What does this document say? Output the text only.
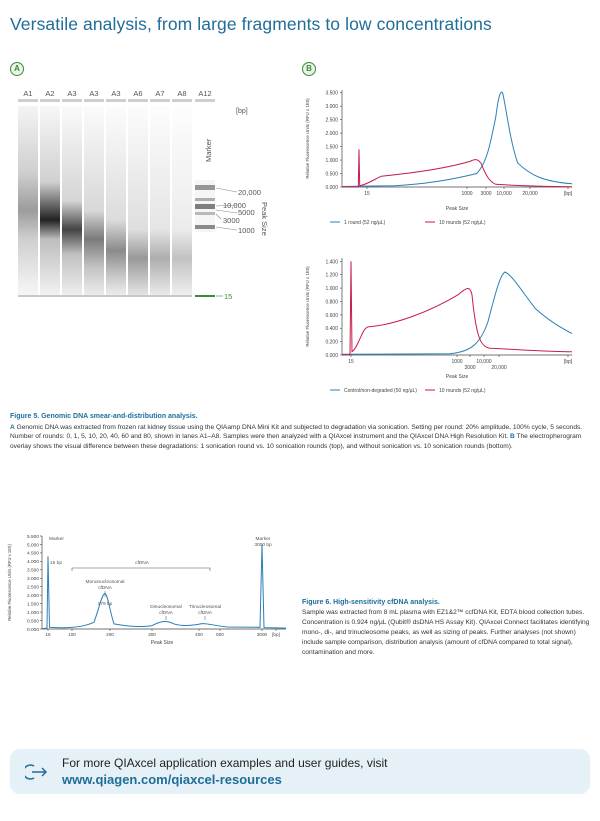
Versatile analysis, from large fragments to low concentrations
A
A1 A2 A3 A3 A3 A6 A7 A8 A12
[bp]
Marker
Peak Size
20,000
10,000
5000
3000
1000
15
B
0.000
0.500
1.000
1.500
2.000
2.500
3.000
3.500
Relative Fluorescence Units (RFU x 1E0)
15	1000 3000 10,000 20,000	[bp]
Peak Size
1 round (52 ng/µL)	10 rounds (52 ng/µL)
0.000
0.200
0.400
0.600
0.800
1.000
1.200
1.400
Relative Fluorescence Units (RFU x 1E0)
15	1000
3000
10,000
20,000
[bp]
Peak Size
Control/non-degraded (50 ng/µL)	10 rounds (52 ng/µL)
Figure 5. Genomic DNA smear-and-distribution analysis.
A Genomic DNA was extracted from frozen rat kidney tissue using the QIAamp DNA Mini Kit and subjected to degradation via sonication. Setting per round: 20% amplitude, 100% cycle, 5 seconds. Number of rounds: 0, 1, 5, 10, 20, 40, 60 and 80, shown in lanes A1–A8. Samples were then analyzed with a QIAxcel instrument and the QIAxcel DNA High Resolution Kit. B The electropherogram overlay shows the visual difference between these degradations: 1 sonication round vs. 10 sonication rounds (top), and without sonication vs. 10 sonication rounds (bottom).
0.000
0.500
1.000
1.500
2.000
2.500
3.000
3.500
4.000
4.500
5.000
5.500
Relative Fluorescence Units (RFU x 1E0)
15	100	200	300	400	500	3000 [bp]
Peak Size
Marker
15 bp	cfDNA
Mononucleosomal
cfDNA
179 bp
Dinucleosomal
cfDNA
Trinucleosomal
cfDNA
Marker
3000 bp
Figure 6. High-sensitivity cfDNA analysis.
Sample was extracted from 8 mL plasma with EZ1&2™ ccfDNA Kit, EDTA blood collection tubes. Concentration is 0.924 ng/µL (Qubit® dsDNA HS Assay Kit). QIAxcel Connect facilitates identifying mono-, di-, and trinucleosome peaks, as well as sizing of peaks. Further analyses (not shown) include sample comparison, distribution analysis (amount of cfDNA compared to total signal), contamination and more.
For more QIAxcel application examples and user guides, visit
www.qiagen.com/qiaxcel-resources
